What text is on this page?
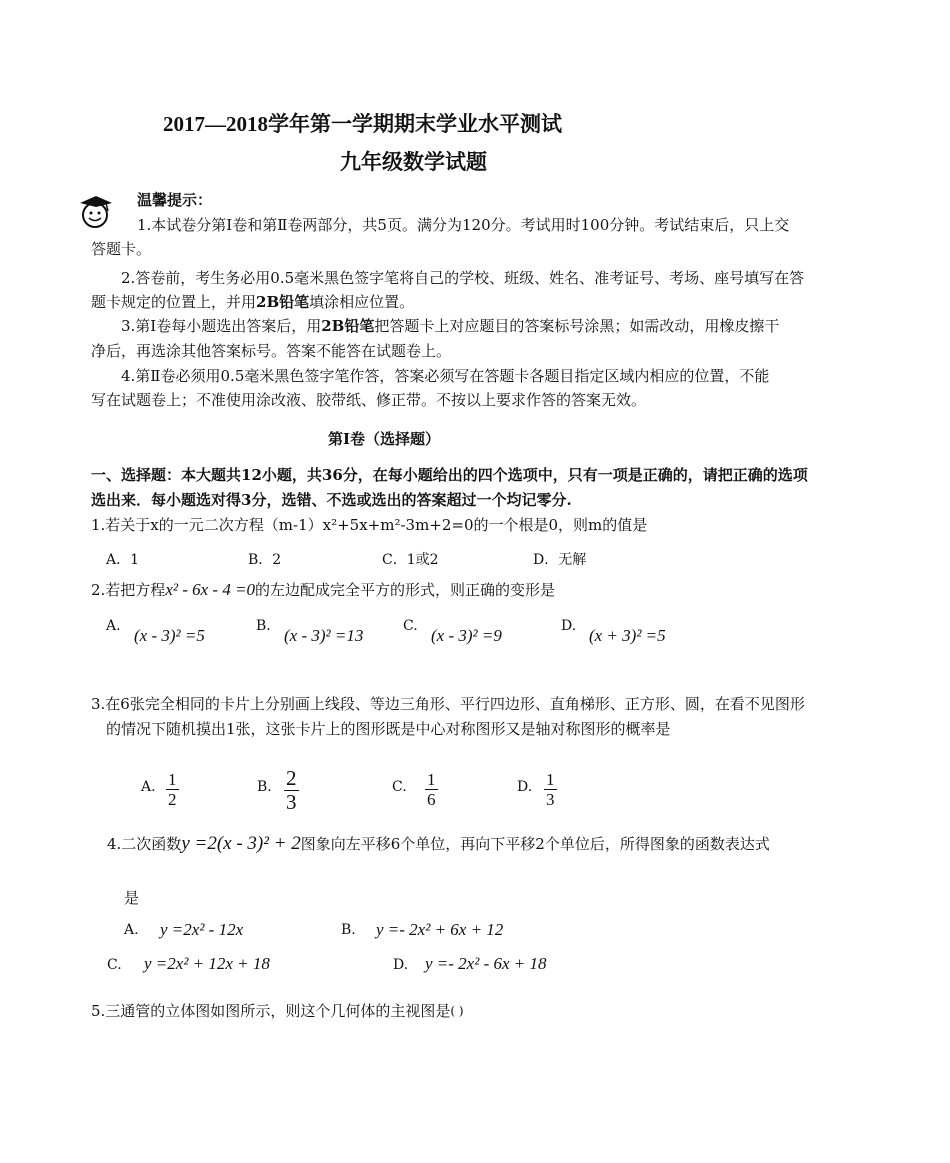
2017—2018学年第一学期期末学业水平测试
九年级数学试题
温馨提示：
1.本试卷分第Ⅰ卷和第Ⅱ卷两部分，共5页。满分为120分。考试用时100分钟。考试结束后，只上交
答题卡。
2.答卷前，考生务必用0.5毫米黑色签字笔将自己的学校、班级、姓名、准考证号、考场、座号填写在答
题卡规定的位置上，并用2B铅笔填涂相应位置。
3.第Ⅰ卷每小题选出答案后，用2B铅笔把答题卡上对应题目的答案标号涂黑；如需改动，用橡皮擦干
净后，再选涂其他答案标号。答案不能答在试题卷上。
4.第Ⅱ卷必须用0.5毫米黑色签字笔作答，答案必须写在答题卡各题目指定区域内相应的位置，不能
写在试题卷上；不准使用涂改液、胶带纸、修正带。不按以上要求作答的答案无效。
第Ⅰ卷（选择题）
一、选择题：本大题共12小题，共36分，在每小题给出的四个选项中，只有一项是正确的，请把正确的选项
选出来．每小题选对得3分，选错、不选或选出的答案超过一个均记零分.
1.若关于x的一元二次方程（m-1）x²+5x+m²-3m+2=0的一个根是0，则m的值是
A．1	B．2	C．1或2	D．无解
2.若把方程x² - 6x - 4 =0的左边配成完全平方的形式，则正确的变形是
A. (x - 3)² =5	B. (x - 3)² =13	C. (x - 3)² =9	D. (x + 3)² =5
3.在6张完全相同的卡片上分别画上线段、等边三角形、平行四边形、直角梯形、正方形、圆，在看不见图形
的情况下随机摸出1张，这张卡片上的图形既是中心对称图形又是轴对称图形的概率是
A. $\frac{1}{2}$	B. $\frac{2}{3}$	C. $\frac{1}{6}$	D. $\frac{1}{3}$
4.二次函数y =2(x - 3)² + 2图象向左平移6个单位，再向下平移2个单位后，所得图象的函数表达式
是
A. y =2x² - 12x	B. y =- 2x² + 6x + 12
C. y =2x² + 12x + 18	D. y =- 2x² - 6x + 18
5.三通管的立体图如图所示，则这个几何体的主视图是( )
